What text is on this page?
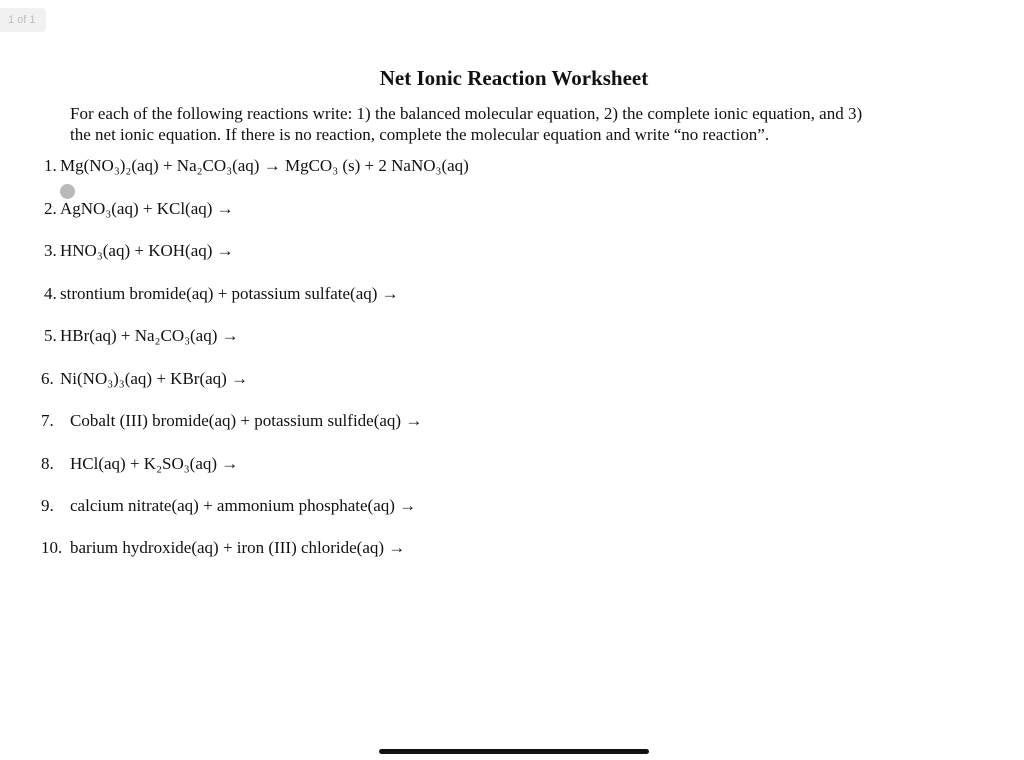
1 of 1
Net Ionic Reaction Worksheet
For each of the following reactions write: 1) the balanced molecular equation, 2) the complete ionic equation, and 3)
the net ionic equation. If there is no reaction, complete the molecular equation and write “no reaction”.
1. Mg(NO₃)₂(aq) + Na₂CO₃(aq) → MgCO₃ (s) + 2 NaNO₃(aq)
2. AgNO₃(aq) + KCl(aq) →
3. HNO₃(aq) + KOH(aq) →
4. strontium bromide(aq) + potassium sulfate(aq) →
5. HBr(aq) + Na₂CO₃(aq) →
6. Ni(NO₃)₃(aq) + KBr(aq) →
7. Cobalt (III) bromide(aq) + potassium sulfide(aq) →
8. HCl(aq) + K₂SO₃(aq) →
9. calcium nitrate(aq) + ammonium phosphate(aq) →
10. barium hydroxide(aq) + iron (III) chloride(aq) →
